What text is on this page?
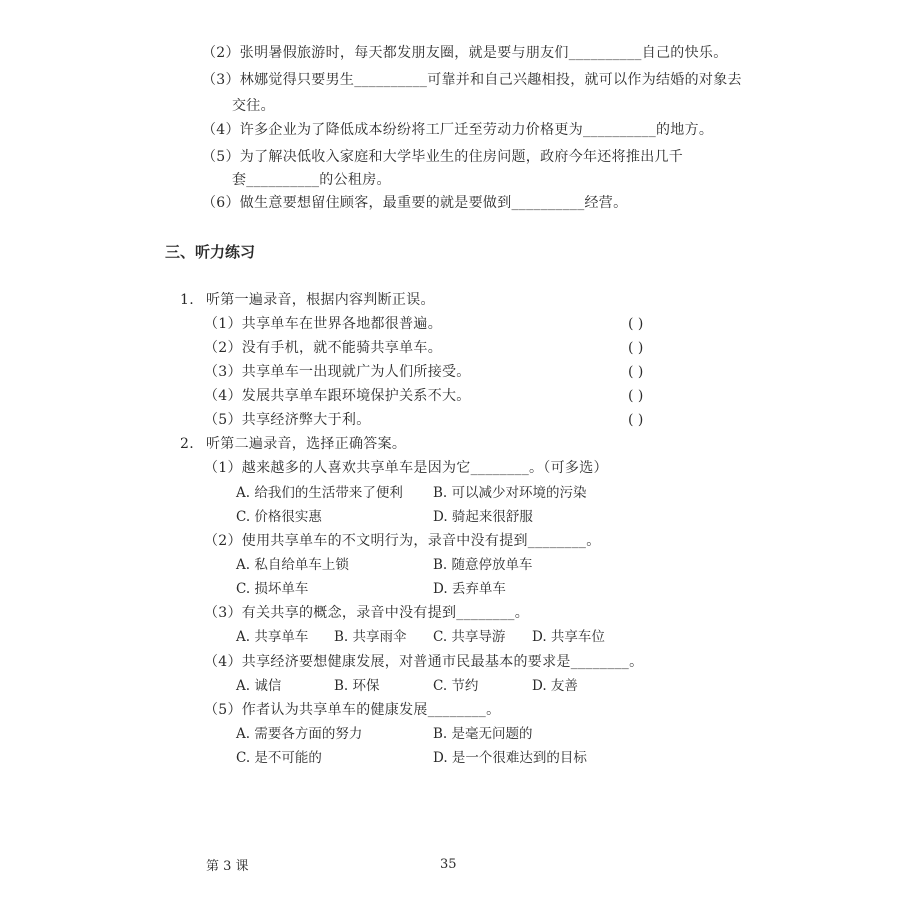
（2）张明暑假旅游时，每天都发朋友圈，就是要与朋友们__________自己的快乐。
（3）林娜觉得只要男生__________可靠并和自己兴趣相投，就可以作为结婚的对象去
交往。
（4）许多企业为了降低成本纷纷将工厂迁至劳动力价格更为__________的地方。
（5）为了解决低收入家庭和大学毕业生的住房问题，政府今年还将推出几千
套__________的公租房。
（6）做生意要想留住顾客，最重要的就是要做到__________经营。
三、听力练习
1. 听第一遍录音，根据内容判断正误。
（1）共享单车在世界各地都很普遍。	( )
（2）没有手机，就不能骑共享单车。	( )
（3）共享单车一出现就广为人们所接受。	( )
（4）发展共享单车跟环境保护关系不大。	( )
（5）共享经济弊大于利。	( )
2. 听第二遍录音，选择正确答案。
（1）越来越多的人喜欢共享单车是因为它________。（可多选）
A. 给我们的生活带来了便利 B. 可以减少对环境的污染
C. 价格很实惠	D. 骑起来很舒服
（2）使用共享单车的不文明行为，录音中没有提到________。
A. 私自给单车上锁	B. 随意停放单车
C. 损坏单车	D. 丢弃单车
（3）有关共享的概念，录音中没有提到________。
A. 共享单车 B. 共享雨伞 C. 共享导游 D. 共享车位
（4）共享经济要想健康发展，对普通市民最基本的要求是________。
A. 诚信	B. 环保	C. 节约	D. 友善
（5）作者认为共享单车的健康发展________。
A. 需要各方面的努力	B. 是毫无问题的
C. 是不可能的	D. 是一个很难达到的目标
第 3 课	35
